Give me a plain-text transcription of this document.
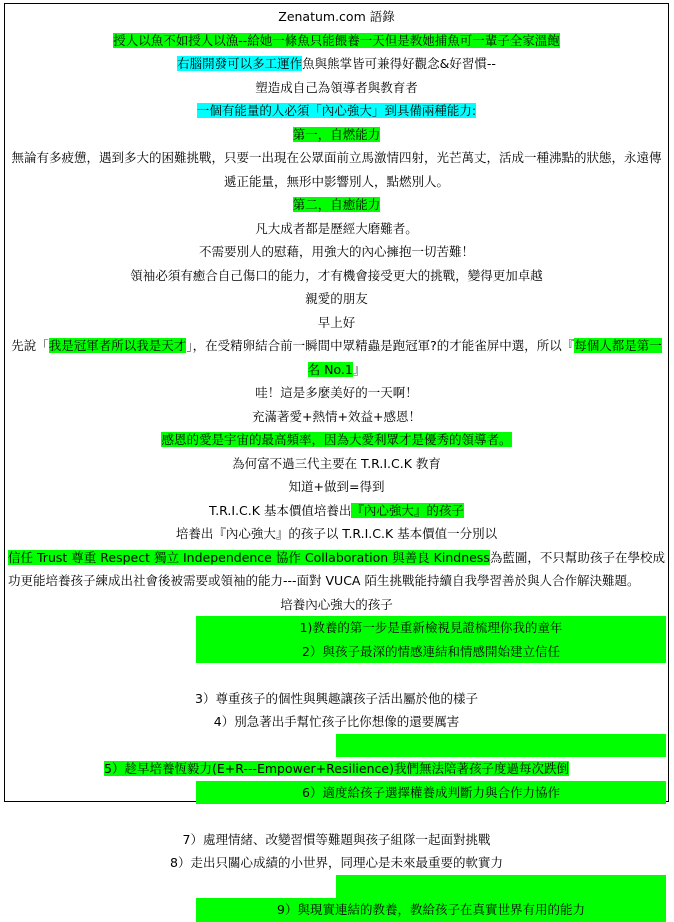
Zenatum.com 語錄
授人以魚不如授人以漁--給她一條魚只能餵養一天但是教她捕魚可一輩子全家溫飽
右腦開發可以多工運作魚與熊掌皆可兼得好觀念&好習慣--
塑造成自己為領導者與教育者
一個有能量的人必須「內心強大」到具備兩種能力:
第一，自燃能力
無論有多疲憊，遇到多大的困難挑戰，只要一出現在公眾面前立馬激情四射，光芒萬丈，活成一種沸點的狀態，永遠傳遞正能量，無形中影響別人，點燃別人。
第二，自癒能力
凡大成者都是歷經大磨難者。
不需要別人的慰藉，用強大的內心擁抱一切苦難！
領袖必須有癒合自己傷口的能力，才有機會接受更大的挑戰，變得更加卓越
親愛的朋友
早上好
先說「我是冠軍者所以我是天才」，在受精卵結合前一瞬間中眾精蟲是跑冠軍?的才能雀屏中選，所以『每個人都是第一名 No.1』
哇！這是多麼美好的一天啊！
充滿著愛+熱情+效益+感恩！
感恩的愛是宇宙的最高頻率，因為大愛利眾才是優秀的領導者。
為何富不過三代主要在 T.R.I.C.K 教育
知道+做到=得到
T.R.I.C.K 基本價值培養出『內心強大』的孩子
培養出『內心強大』的孩子以 T.R.I.C.K 基本價值一分別以
信任 Trust 尊重 Respect 獨立 Independence 協作 Collaboration 與善良 Kindness為藍圖，不只幫助孩子在學校成功更能培養孩子練成出社會後被需要或領袖的能力---面對 VUCA 陌生挑戰能持續自我學習善於與人合作解決難題。
培養內心強大的孩子
1)教養的第一步是重新檢視見證梳理你我的童年
2）與孩子最深的情感連結和情感開始建立信任
3）尊重孩子的個性與興趣讓孩子活出屬於他的樣子
4）別急著出手幫忙孩子比你想像的還要厲害
5）趁早培養恆毅力(E+R---Empower+Resilience)我們無法陪著孩子度過每次跌倒
6）適度給孩子選擇權養成判斷力與合作力協作
7）處理情緒、改變習慣等難題與孩子組隊一起面對挑戰
8）走出只關心成績的小世界，同理心是未來最重要的軟實力
9）與現實連結的教養，教給孩子在真實世界有用的能力
